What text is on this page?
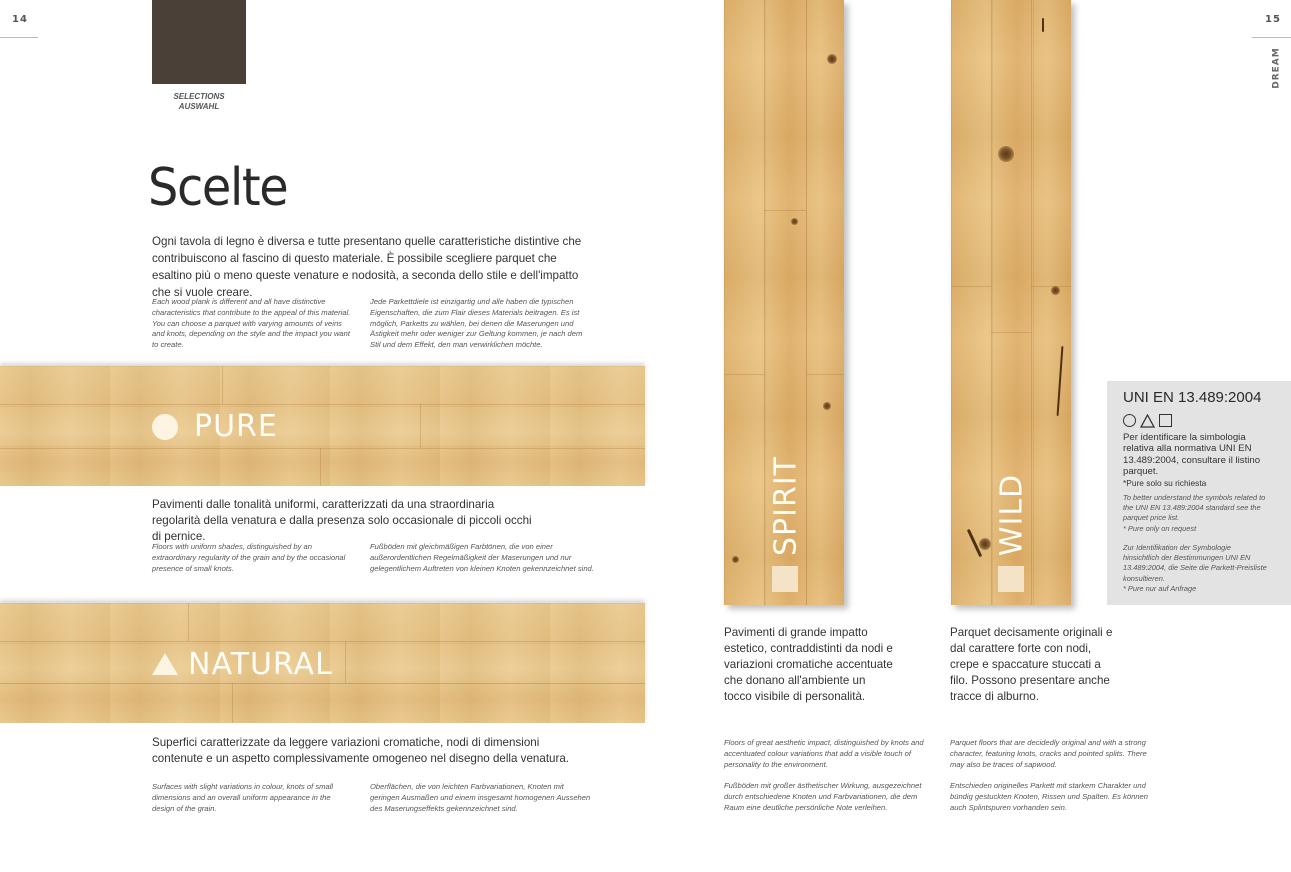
14	15
DREAM
SELECTIONS
AUSWAHL
Scelte
Ogni tavola di legno è diversa e tutte presentano quelle caratteristiche distintive che contribuiscono al fascino di questo materiale. È possibile scegliere parquet che esaltino più o meno queste venature e nodosità, a seconda dello stile e dell'impatto che si vuole creare.
Each wood plank is different and all have distinctive characteristics that contribute to the appeal of this material. You can choose a parquet with varying amounts of veins and knots, depending on the style and the impact you want to create.
Jede Parkettdiele ist einzigartig und alle haben die typischen Eigenschaften, die zum Flair dieses Materials beitragen. Es ist möglich, Parketts zu wählen, bei denen die Maserungen und Ästigkeit mehr oder weniger zur Geltung kommen, je nach dem Stil und dem Effekt, den man verwirklichen möchte.
PURE
Pavimenti dalle tonalità uniformi, caratterizzati da una straordinaria regolarità della venatura e dalla presenza solo occasionale di piccoli occhi di pernice.
Floors with uniform shades, distinguished by an extraordinary regularity of the grain and by the occasional presence of small knots.
Fußböden mit gleichmäßigen Farbtönen, die von einer außerordentlichen Regelmäßigkeit der Maserungen und nur gelegentlichem Auftreten von kleinen Knoten gekennzeichnet sind.
NATURAL
Superfici caratterizzate da leggere variazioni cromatiche, nodi di dimensioni contenute e un aspetto complessivamente omogeneo nel disegno della venatura.
Surfaces with slight variations in colour, knots of small dimensions and an overall uniform appearance in the design of the grain.
Oberflächen, die von leichten Farbvariationen, Knoten mit geringen Ausmaßen und einem insgesamt homogenen Aussehen des Maserungseffekts gekennzeichnet sind.
SPIRIT
Pavimenti di grande impatto estetico, contraddistinti da nodi e variazioni cromatiche accentuate che donano all'ambiente un tocco visibile di personalità.
Floors of great aesthetic impact, distinguished by knots and accentuated colour variations that add a visible touch of personality to the environment.
Fußböden mit großer ästhetischer Wirkung, ausgezeichnet durch entschiedene Knoten und Farbvariationen, die dem Raum eine deutliche persönliche Note verleihen.
WILD
Parquet decisamente originali e dal carattere forte con nodi, crepe e spaccature stuccati a filo. Possono presentare anche tracce di alburno.
Parquet floors that are decidedly original and with a strong character, featuring knots, cracks and pointed splits. There may also be traces of sapwood.
Entschieden originelles Parkett mit starkem Charakter und bündig gestuckten Knoten, Rissen und Spalten. Es können auch Splintspuren vorhanden sein.
UNI EN 13.489:2004
Per identificare la simbologia relativa alla normativa UNI EN 13.489:2004, consultare il listino parquet.
*Pure solo su richiesta
To better understand the symbols related to the UNI EN 13.489:2004 standard see the parquet price list.
* Pure only on request
Zur Identifikation der Symbologie hinsichtlich der Bestimmungen UNI EN 13.489:2004, die Seite die Parkett-Preisliste konsultieren.
* Pure nur auf Anfrage
